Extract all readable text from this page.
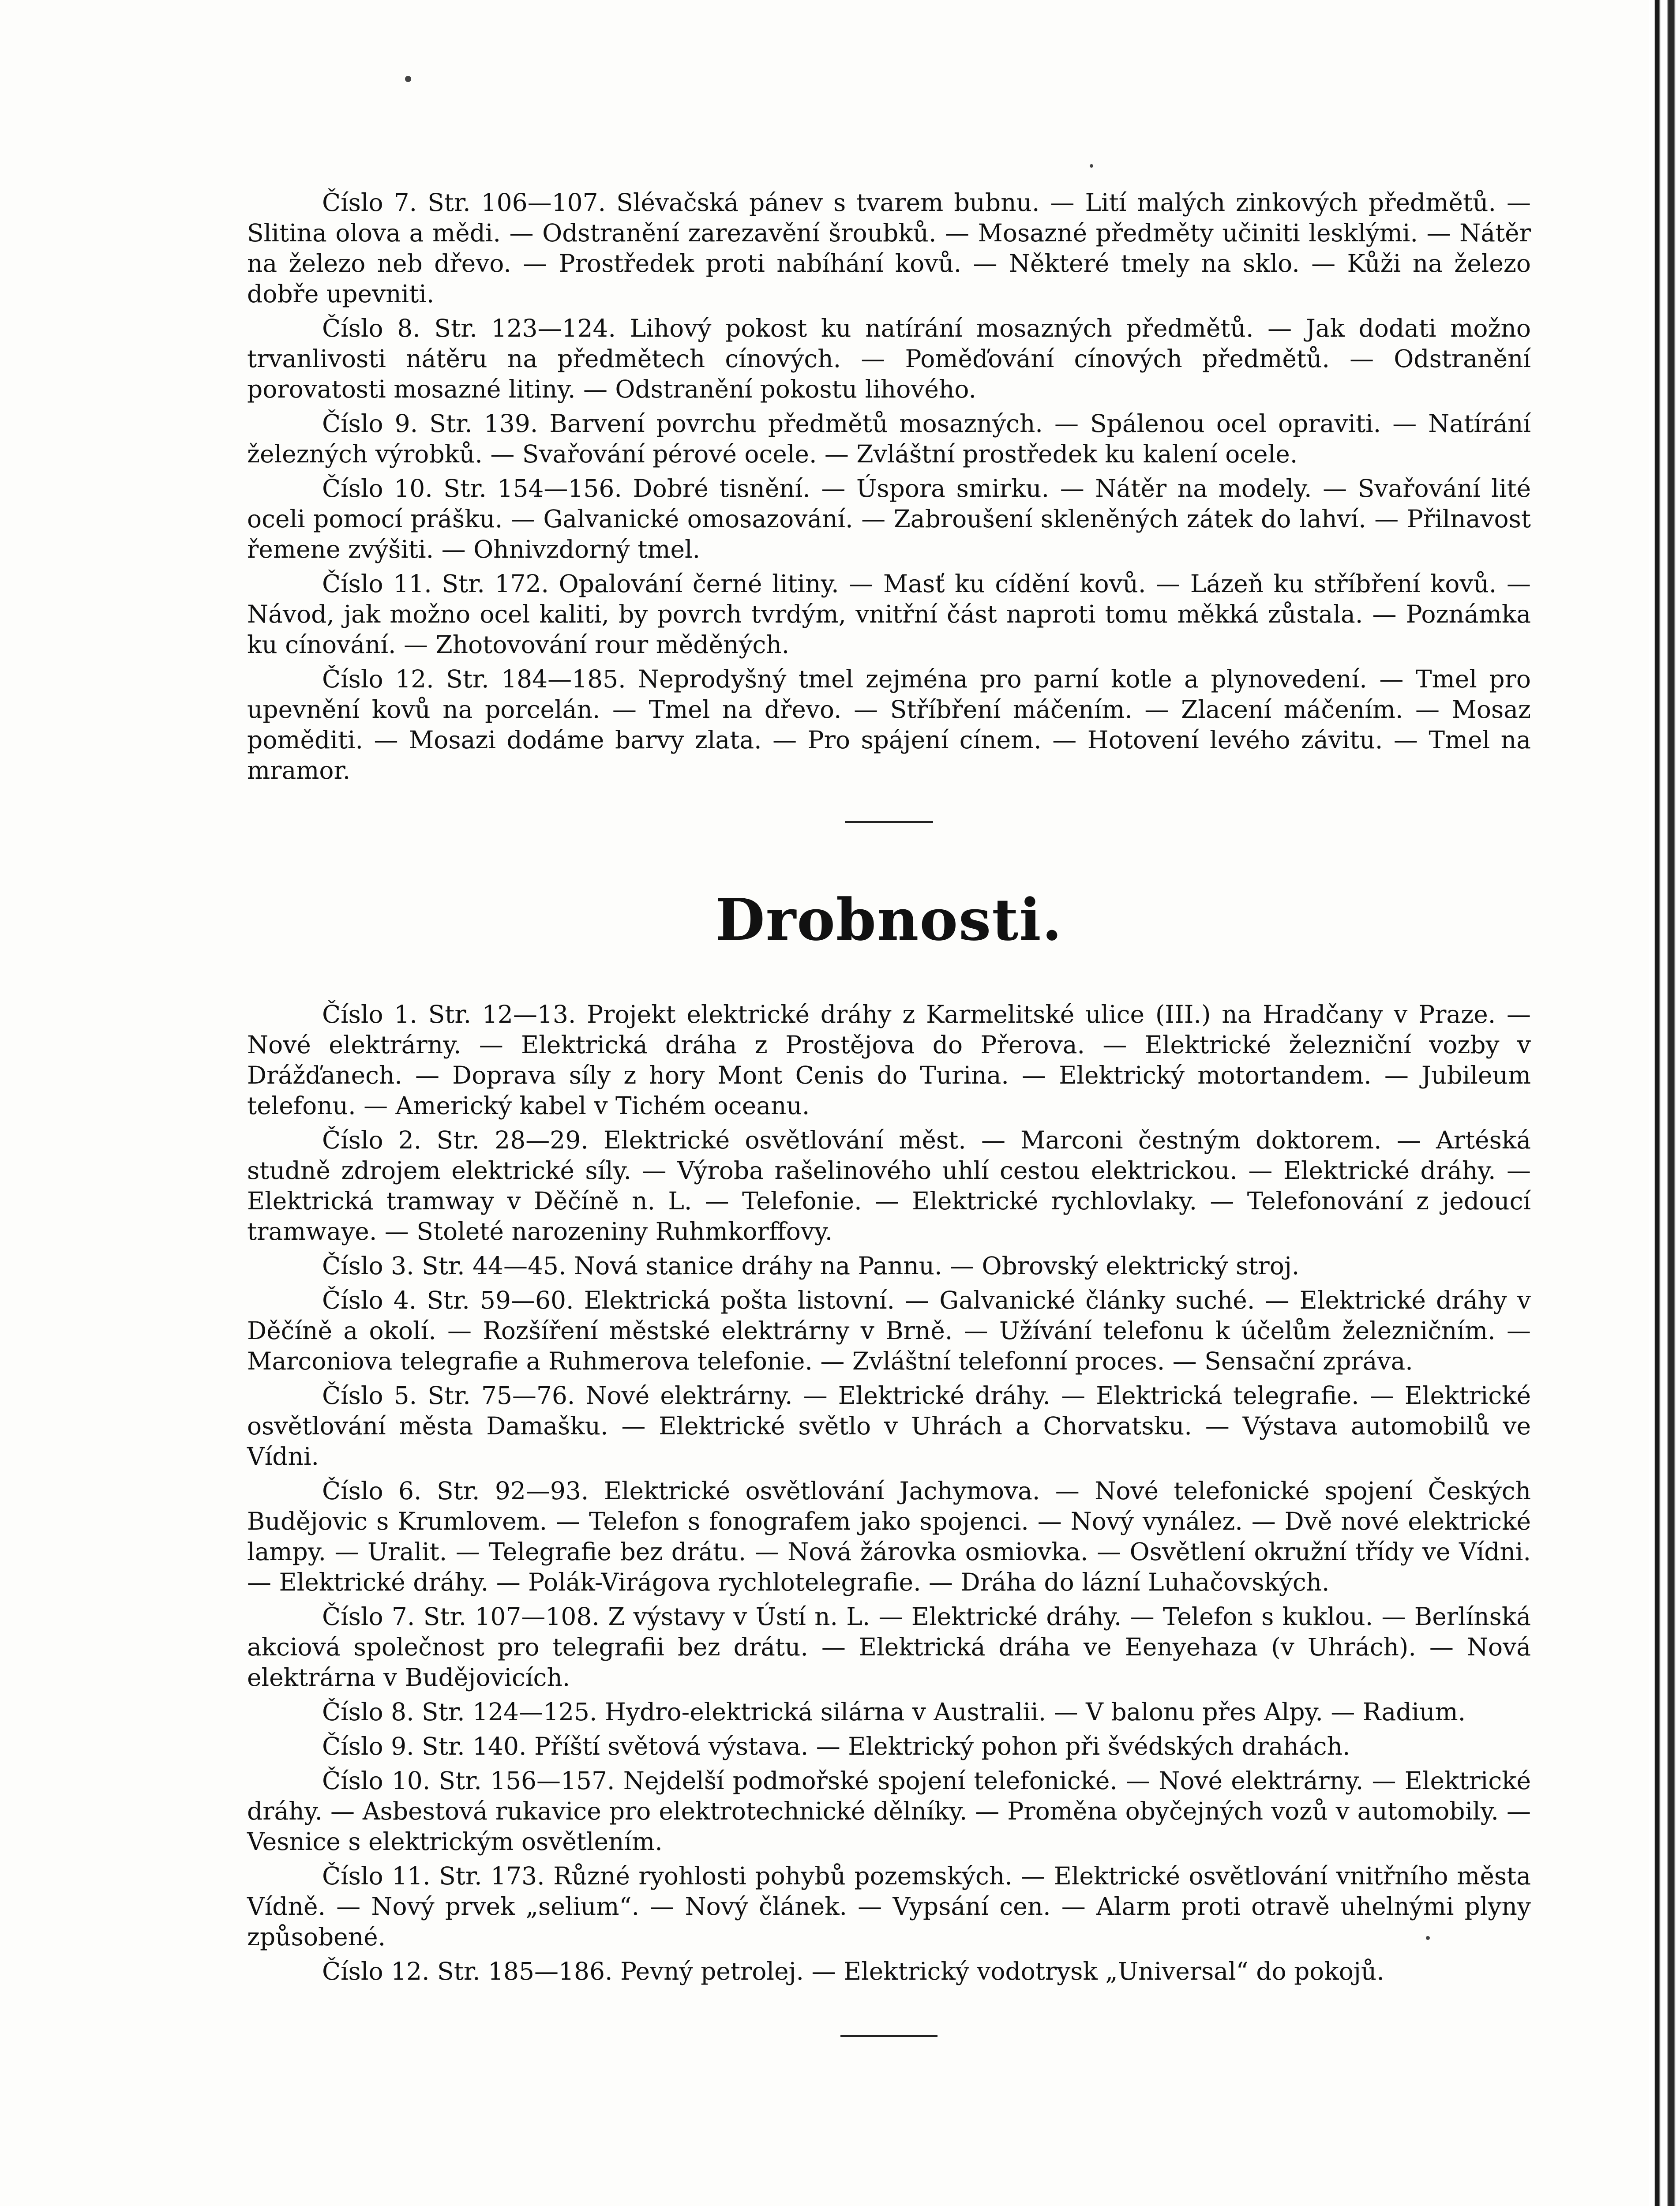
Číslo 7. Str. 106—107. Slévačská pánev s tvarem bubnu. — Lití malých zinkových předmětů. — Slitina olova a mědi. — Odstranění zarezavění šroubků. — Mosazné předměty učiniti lesklými. — Nátěr na železo neb dřevo. — Prostředek proti nabíhání kovů. — Některé tmely na sklo. — Kůži na železo dobře upevniti.

Číslo 8. Str. 123—124. Lihový pokost ku natírání mosazných předmětů. — Jak dodati možno trvanlivosti nátěru na předmětech cínových. — Poměďování cínových předmětů. — Odstranění porovatosti mosazné litiny. — Odstranění pokostu lihového.

Číslo 9. Str. 139. Barvení povrchu předmětů mosazných. — Spálenou ocel opraviti. — Natírání železných výrobků. — Svařování pérové ocele. — Zvláštní prostředek ku kalení ocele.

Číslo 10. Str. 154—156. Dobré tisnění. — Úspora smirku. — Nátěr na modely. — Svařování lité oceli pomocí prášku. — Galvanické omosazování. — Zabroušení skleněných zátek do lahví. — Přilnavost řemene zvýšiti. — Ohnivzdorný tmel.

Číslo 11. Str. 172. Opalování černé litiny. — Masť ku cídění kovů. — Lázeň ku stříbření kovů. — Návod, jak možno ocel kaliti, by povrch tvrdým, vnitřní část naproti tomu měkká zůstala. — Poznámka ku cínování. — Zhotovování rour měděných.

Číslo 12. Str. 184—185. Neprodyšný tmel zejména pro parní kotle a plynovedení. — Tmel pro upevnění kovů na porcelán. — Tmel na dřevo. — Stříbření máčením. — Zlacení máčením. — Mosaz poměditi. — Mosazi dodáme barvy zlata. — Pro spájení cínem. — Hotovení levého závitu. — Tmel na mramor.

Drobnosti.

Číslo 1. Str. 12—13. Projekt elektrické dráhy z Karmelitské ulice (III.) na Hradčany v Praze. — Nové elektrárny. — Elektrická dráha z Prostějova do Přerova. — Elektrické železniční vozby v Drážďanech. — Doprava síly z hory Mont Cenis do Turina. — Elektrický motortandem. — Jubileum telefonu. — Americký kabel v Tichém oceanu.

Číslo 2. Str. 28—29. Elektrické osvětlování měst. — Marconi čestným doktorem. — Artéská studně zdrojem elektrické síly. — Výroba rašelinového uhlí cestou elektrickou. — Elektrické dráhy. — Elektrická tramway v Děčíně n. L. — Telefonie. — Elektrické rychlovlaky. — Telefonování z jedoucí tramwaye. — Stoleté narozeniny Ruhmkorffovy.

Číslo 3. Str. 44—45. Nová stanice dráhy na Pannu. — Obrovský elektrický stroj.

Číslo 4. Str. 59—60. Elektrická pošta listovní. — Galvanické články suché. — Elektrické dráhy v Děčíně a okolí. — Rozšíření městské elektrárny v Brně. — Užívání telefonu k účelům železničním. — Marconiova telegrafie a Ruhmerova telefonie. — Zvláštní telefonní proces. — Sensační zpráva.

Číslo 5. Str. 75—76. Nové elektrárny. — Elektrické dráhy. — Elektrická telegrafie. — Elektrické osvětlování města Damašku. — Elektrické světlo v Uhrách a Chorvatsku. — Výstava automobilů ve Vídni.

Číslo 6. Str. 92—93. Elektrické osvětlování Jachymova. — Nové telefonické spojení Českých Budějovic s Krumlovem. — Telefon s fonografem jako spojenci. — Nový vynález. — Dvě nové elektrické lampy. — Uralit. — Telegrafie bez drátu. — Nová žárovka osmiovka. — Osvětlení okružní třídy ve Vídni. — Elektrické dráhy. — Polák-Virágova rychlotelegrafie. — Dráha do lázní Luhačovských.

Číslo 7. Str. 107—108. Z výstavy v Ústí n. L. — Elektrické dráhy. — Telefon s kuklou. — Berlínská akciová společnost pro telegrafii bez drátu. — Elektrická dráha ve Eenyehaza (v Uhrách). — Nová elektrárna v Budějovicích.

Číslo 8. Str. 124—125. Hydro-elektrická silárna v Australii. — V balonu přes Alpy. — Radium.

Číslo 9. Str. 140. Příští světová výstava. — Elektrický pohon při švédských drahách.

Číslo 10. Str. 156—157. Nejdelší podmořské spojení telefonické. — Nové elektrárny. — Elektrické dráhy. — Asbestová rukavice pro elektrotechnické dělníky. — Proměna obyčejných vozů v automobily. — Vesnice s elektrickým osvětlením.

Číslo 11. Str. 173. Různé ryohlosti pohybů pozemských. — Elektrické osvětlování vnitřního města Vídně. — Nový prvek „selium“. — Nový článek. — Vypsání cen. — Alarm proti otravě uhelnými plyny způsobené.

Číslo 12. Str. 185—186. Pevný petrolej. — Elektrický vodotrysk „Universal“ do pokojů.
